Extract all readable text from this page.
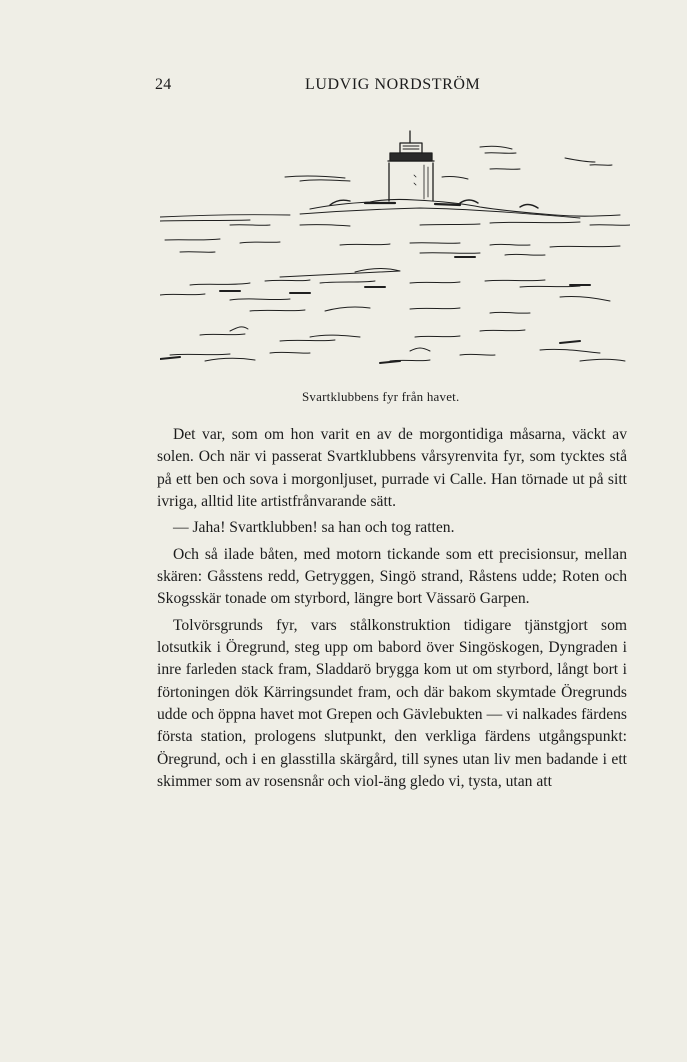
24	LUDVIG NORDSTRÖM
Svartklubbens fyr från havet.

Det var, som om hon varit en av de morgontidiga måsarna, väckt av solen. Och när vi passerat Svartklubbens vårsyrenvita fyr, som tycktes stå på ett ben och sova i morgonljuset, purrade vi Calle. Han törnade ut på sitt ivriga, alltid lite artistfrånvarande sätt.

— Jaha! Svartklubben! sa han och tog ratten.

Och så ilade båten, med motorn tickande som ett precisionsur, mellan skären: Gåsstens redd, Getryggen, Singö strand, Råstens udde; Roten och Skogsskär tonade om styrbord, längre bort Vässarö Garpen.

Tolvörsgrunds fyr, vars stålkonstruktion tidigare tjänstgjort som lotsutkik i Öregrund, steg upp om babord över Singöskogen, Dyngraden i inre farleden stack fram, Sladdarö brygga kom ut om styrbord, långt bort i förtoningen dök Kärringsundet fram, och där bakom skymtade Öregrunds udde och öppna havet mot Grepen och Gävlebukten — vi nalkades färdens första station, prologens slutpunkt, den verkliga färdens utgångspunkt: Öregrund, och i en glasstilla skärgård, till synes utan liv men badande i ett skimmer som av rosensnår och viol-äng gledo vi, tysta, utan att
